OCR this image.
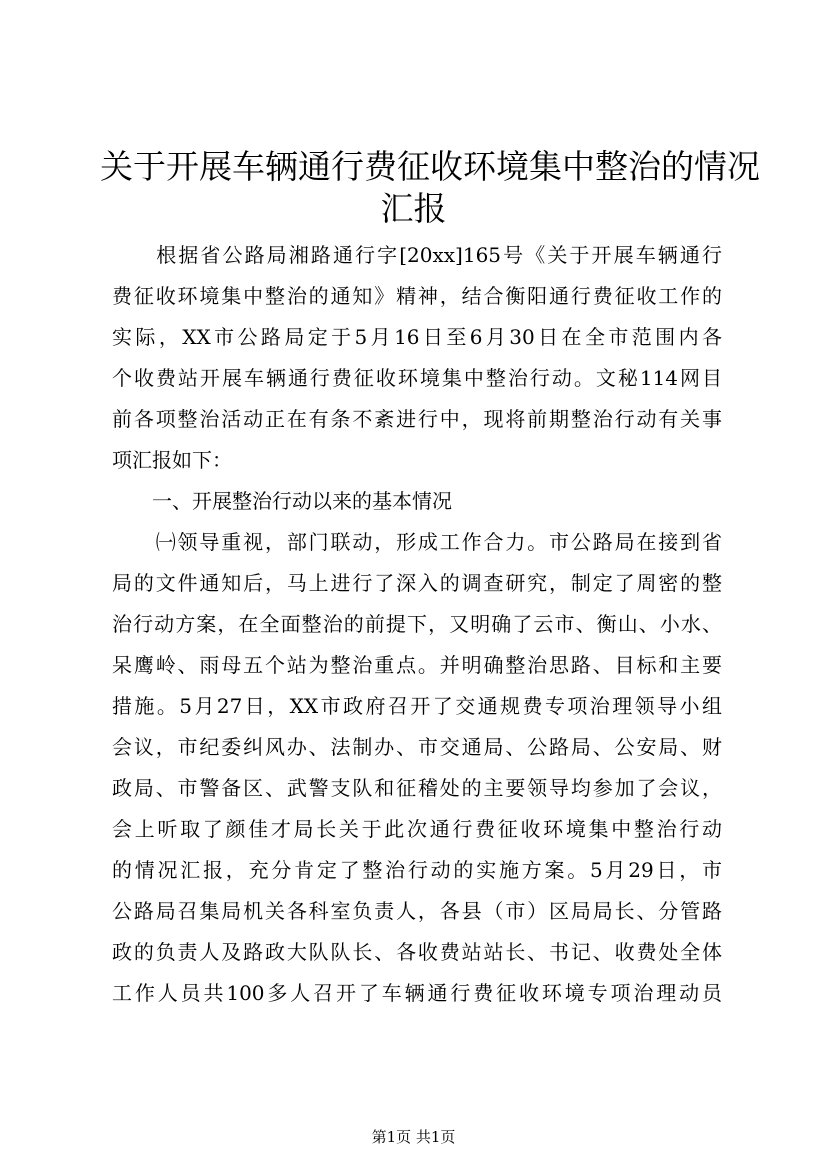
关于开展车辆通行费征收环境集中整治的情况
汇报
　　根据省公路局湘路通行字[20xx]165号《关于开展车辆通行
费征收环境集中整治的通知》精神，结合衡阳通行费征收工作的
实际，XX市公路局定于5月16日至6月30日在全市范围内各
个收费站开展车辆通行费征收环境集中整治行动。文秘114网目
前各项整治活动正在有条不紊进行中，现将前期整治行动有关事
项汇报如下：
　　一、开展整治行动以来的基本情况
　　㈠领导重视，部门联动，形成工作合力。市公路局在接到省
局的文件通知后，马上进行了深入的调查研究，制定了周密的整
治行动方案，在全面整治的前提下，又明确了云市、衡山、小水、
呆鹰岭、雨母五个站为整治重点。并明确整治思路、目标和主要
措施。5月27日，XX市政府召开了交通规费专项治理领导小组
会议，市纪委纠风办、法制办、市交通局、公路局、公安局、财
政局、市警备区、武警支队和征稽处的主要领导均参加了会议，
会上听取了颜佳才局长关于此次通行费征收环境集中整治行动
的情况汇报，充分肯定了整治行动的实施方案。5月29日，市
公路局召集局机关各科室负责人，各县（市）区局局长、分管路
政的负责人及路政大队队长、各收费站站长、书记、收费处全体
工作人员共100多人召开了车辆通行费征收环境专项治理动员
第1页 共1页
